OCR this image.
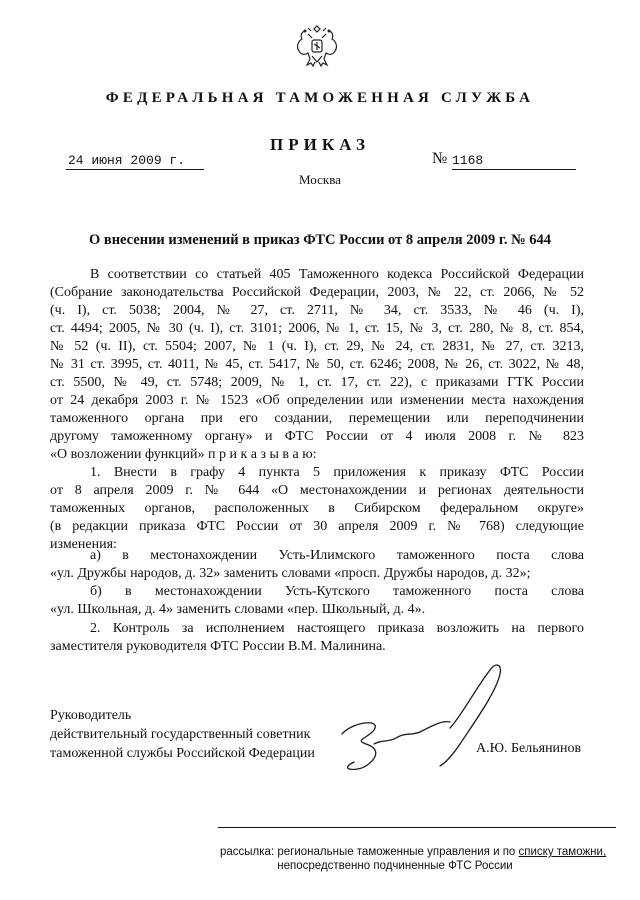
ФЕДЕРАЛЬНАЯ ТАМОЖЕННАЯ СЛУЖБА
ПРИКАЗ
24 июня 2009 г.	№ 1168
Москва
О внесении изменений в приказ ФТС России от 8 апреля 2009 г. № 644
В соответствии со статьей 405 Таможенного кодекса Российской Федерации
(Собрание законодательства Российской Федерации, 2003, № 22, ст. 2066, № 52
(ч. I), ст. 5038; 2004, № 27, ст. 2711, № 34, ст. 3533, № 46 (ч. I),
ст. 4494; 2005, № 30 (ч. I), ст. 3101; 2006, № 1, ст. 15, № 3, ст. 280, № 8, ст. 854,
№ 52 (ч. II), ст. 5504; 2007, № 1 (ч. I), ст. 29, № 24, ст. 2831, № 27, ст. 3213,
№ 31 ст. 3995, ст. 4011, № 45, ст. 5417, № 50, ст. 6246; 2008, № 26, ст. 3022, № 48,
ст. 5500, № 49, ст. 5748; 2009, № 1, ст. 17, ст. 22), с приказами ГТК России
от 24 декабря 2003 г. № 1523 «Об определении или изменении места нахождения
таможенного органа при его создании, перемещении или переподчинении
другому таможенному органу» и ФТС России от 4 июля 2008 г. № 823
«О возложении функций» п р и к а з ы в а ю:
1. Внести в графу 4 пункта 5 приложения к приказу ФТС России
от 8 апреля 2009 г. № 644 «О местонахождении и регионах деятельности
таможенных органов, расположенных в Сибирском федеральном округе»
(в редакции приказа ФТС России от 30 апреля 2009 г. № 768) следующие
изменения:
а) в местонахождении Усть-Илимского таможенного поста слова
«ул. Дружбы народов, д. 32» заменить словами «просп. Дружбы народов, д. 32»;
б) в местонахождении Усть-Кутского таможенного поста слова
«ул. Школьная, д. 4» заменить словами «пер. Школьный, д. 4».
2. Контроль за исполнением настоящего приказа возложить на первого
заместителя руководителя ФТС России В.М. Малинина.
Руководитель
действительный государственный советник
таможенной службы Российской Федерации	А.Ю. Бельянинов
рассылка: региональные таможенные управления и по списку таможни,
непосредственно подчиненные ФТС России
